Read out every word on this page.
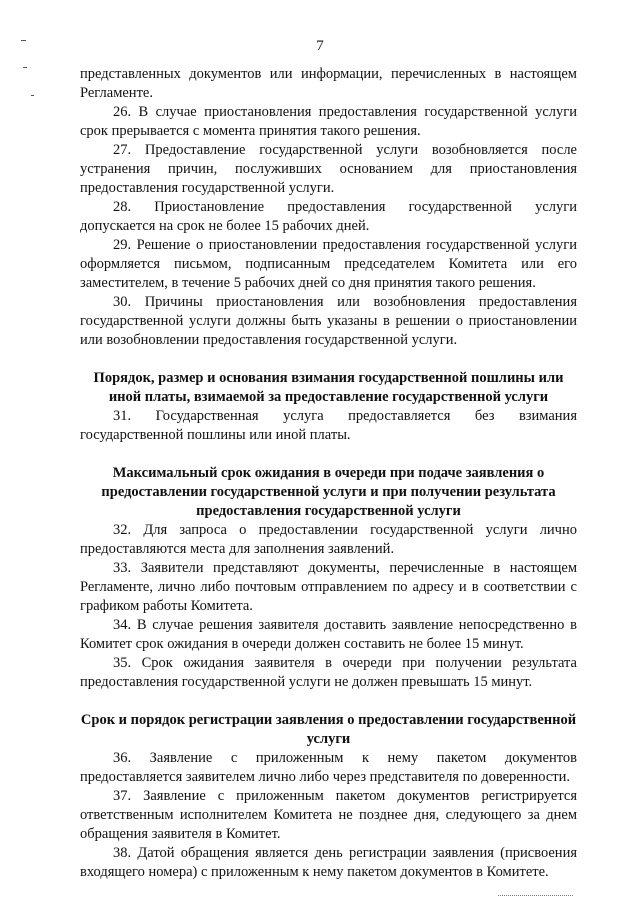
7

представленных документов или информации, перечисленных в настоящем Регламенте.

26. В случае приостановления предоставления государственной услуги срок прерывается с момента принятия такого решения.

27. Предоставление государственной услуги возобновляется после устранения причин, послуживших основанием для приостановления предоставления государственной услуги.

28. Приостановление предоставления государственной услуги допускается на срок не более 15 рабочих дней.

29. Решение о приостановлении предоставления государственной услуги оформляется письмом, подписанным председателем Комитета или его заместителем, в течение 5 рабочих дней со дня принятия такого решения.

30. Причины приостановления или возобновления предоставления государственной услуги должны быть указаны в решении о приостановлении или возобновлении предоставления государственной услуги.

Порядок, размер и основания взимания государственной пошлины или иной платы, взимаемой за предоставление государственной услуги

31. Государственная услуга предоставляется без взимания государственной пошлины или иной платы.

Максимальный срок ожидания в очереди при подаче заявления о предоставлении государственной услуги и при получении результата предоставления государственной услуги

32. Для запроса о предоставлении государственной услуги лично предоставляются места для заполнения заявлений.

33. Заявители представляют документы, перечисленные в настоящем Регламенте, лично либо почтовым отправлением по адресу и в соответствии с графиком работы Комитета.

34. В случае решения заявителя доставить заявление непосредственно в Комитет срок ожидания в очереди должен составить не более 15 минут.

35. Срок ожидания заявителя в очереди при получении результата предоставления государственной услуги не должен превышать 15 минут.

Срок и порядок регистрации заявления о предоставлении государственной услуги

36. Заявление с приложенным к нему пакетом документов предоставляется заявителем лично либо через представителя по доверенности.

37. Заявление с приложенным пакетом документов регистрируется ответственным исполнителем Комитета не позднее дня, следующего за днем обращения заявителя в Комитет.

38. Датой обращения является день регистрации заявления (присвоения входящего номера) с приложенным к нему пакетом документов в Комитете.
